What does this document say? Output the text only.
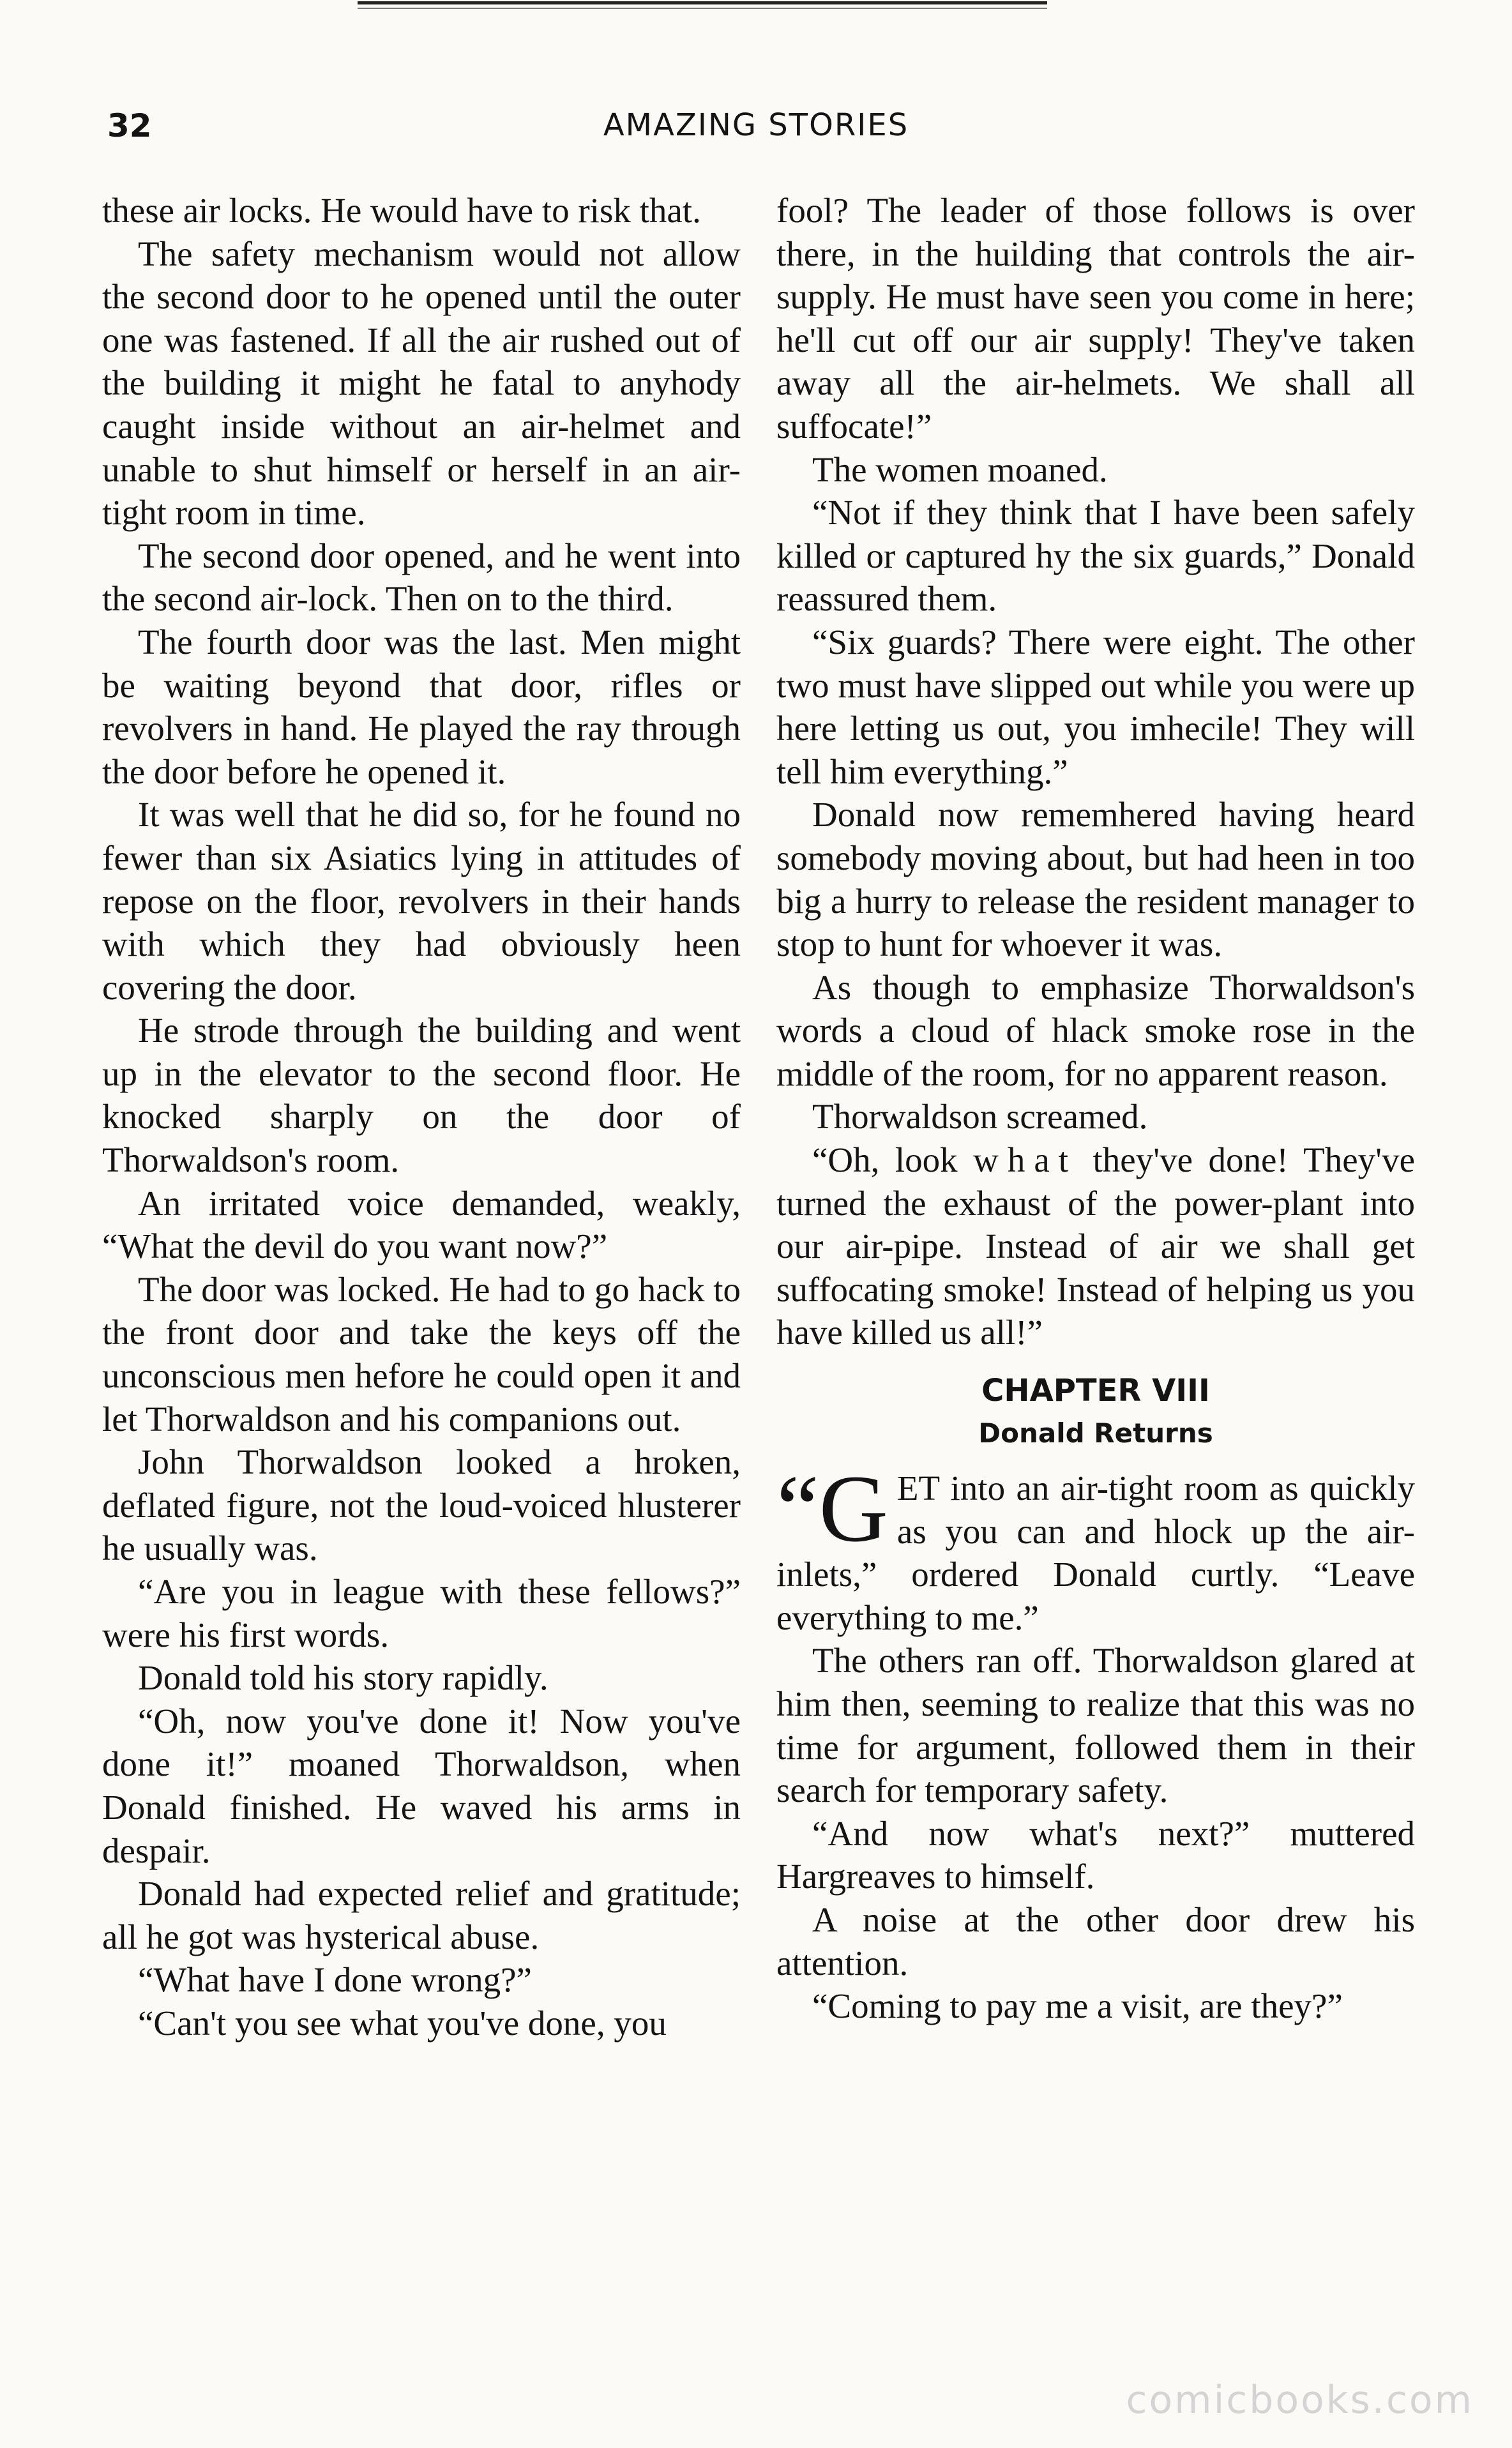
32	AMAZING STORIES

these air locks. He would have to risk that.

The safety mechanism would not allow the second door to he opened until the outer one was fastened. If all the air rushed out of the building it might he fatal to anyhody caught inside without an air-helmet and unable to shut himself or herself in an air-tight room in time.

The second door opened, and he went into the second air-lock. Then on to the third.

The fourth door was the last. Men might be waiting beyond that door, rifles or revolvers in hand. He played the ray through the door before he opened it.

It was well that he did so, for he found no fewer than six Asiatics lying in attitudes of repose on the floor, revolvers in their hands with which they had obviously heen covering the door.

He strode through the building and went up in the elevator to the second floor. He knocked sharply on the door of Thorwaldson's room.

An irritated voice demanded, weakly, “What the devil do you want now?”

The door was locked. He had to go hack to the front door and take the keys off the unconscious men hefore he could open it and let Thorwaldson and his companions out.

John Thorwaldson looked a hroken, deflated figure, not the loud-voiced hlusterer he usually was.

“Are you in league with these fellows?” were his first words.

Donald told his story rapidly.

“Oh, now you've done it! Now you've done it!” moaned Thorwaldson, when Donald finished. He waved his arms in despair.

Donald had expected relief and gratitude; all he got was hysterical abuse.

“What have I done wrong?”

“Can't you see what you've done, you

fool? The leader of those follows is over there, in the huilding that controls the air-supply. He must have seen you come in here; he'll cut off our air supply! They've taken away all the air-helmets. We shall all suffocate!”

The women moaned.

“Not if they think that I have been safely killed or captured hy the six guards,” Donald reassured them.

“Six guards? There were eight. The other two must have slipped out while you were up here letting us out, you imhecile! They will tell him everything.”

Donald now rememhered having heard somebody moving about, but had heen in too big a hurry to release the resident manager to stop to hunt for whoever it was.

As though to emphasize Thorwaldson's words a cloud of hlack smoke rose in the middle of the room, for no apparent reason.

Thorwaldson screamed.

“Oh, look what they've done! They've turned the exhaust of the power-plant into our air-pipe. Instead of air we shall get suffocating smoke! Instead of helping us you have killed us all!”

CHAPTER VIII
Donald Returns
“G ET into an air-tight room as quickly as you can and hlock up the air-inlets,” ordered Donald curtly. “Leave everything to me.”

The others ran off. Thorwaldson glared at him then, seeming to realize that this was no time for argument, followed them in their search for temporary safety.

“And now what's next?” muttered Hargreaves to himself.

A noise at the other door drew his attention.

“Coming to pay me a visit, are they?”

comicbooks.com
